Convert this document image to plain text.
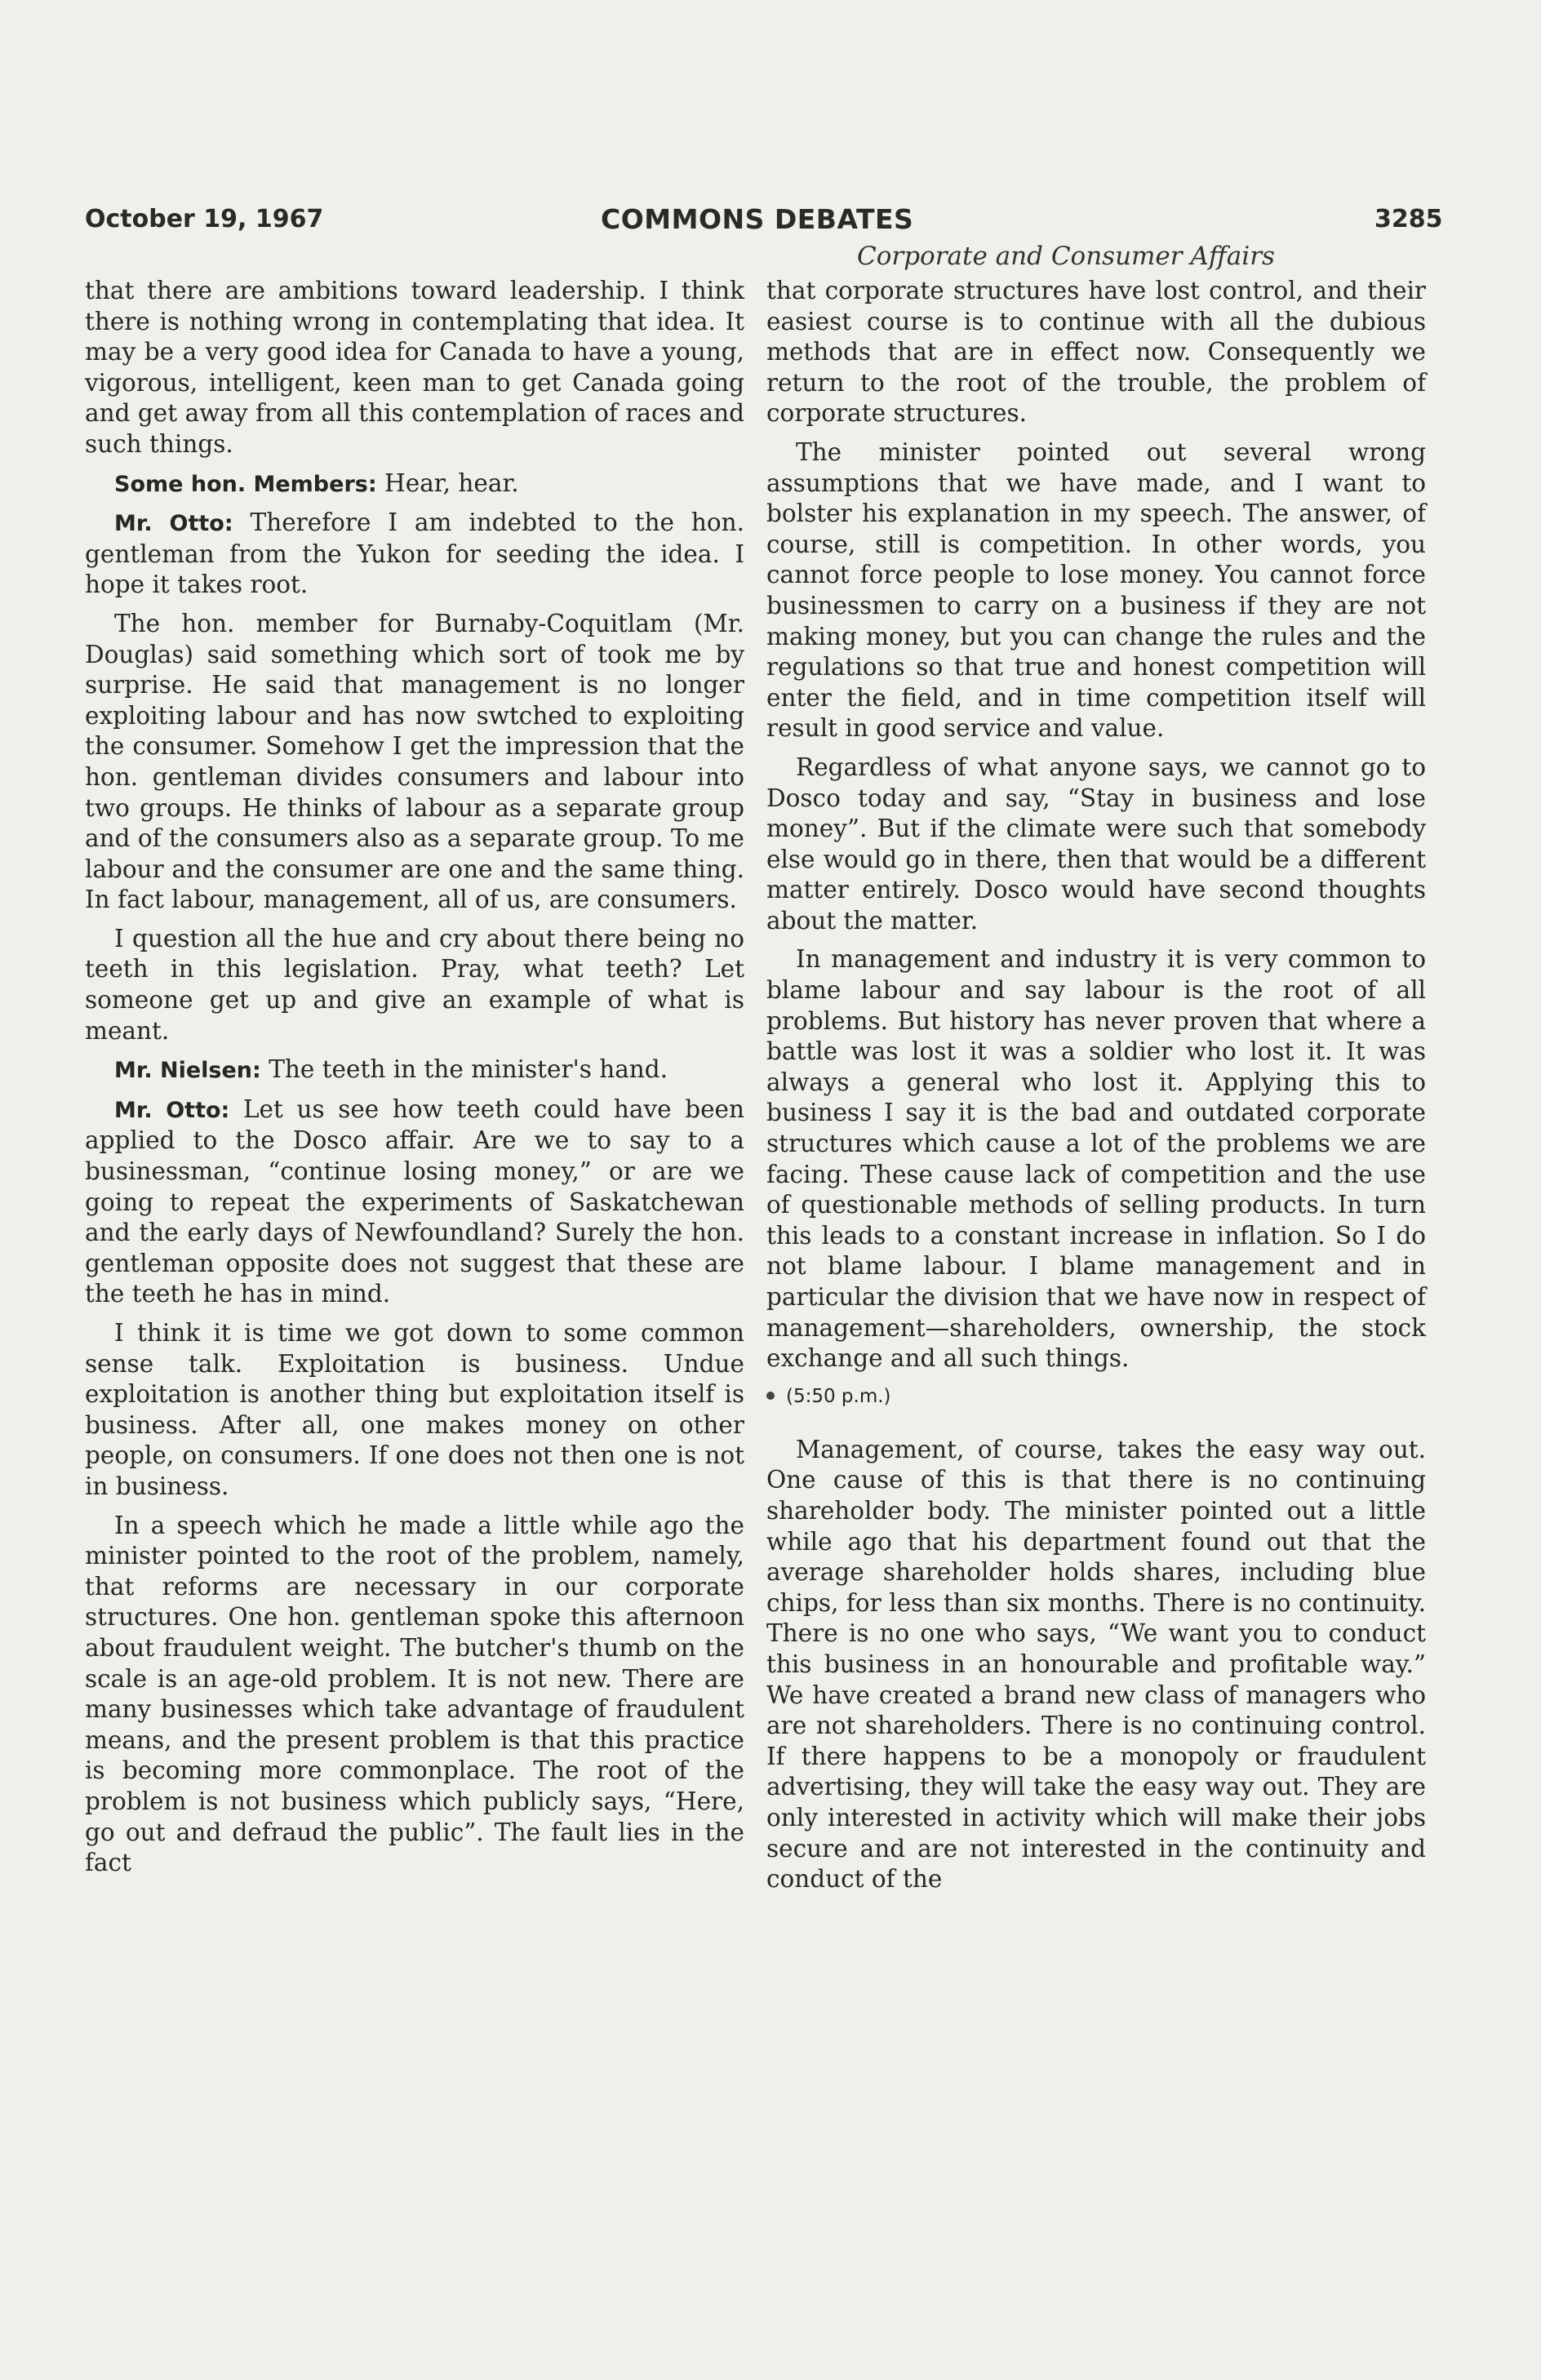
October 19, 1967	COMMONS DEBATES	3285
Corporate and Consumer Affairs

that there are ambitions toward leadership. I think there is nothing wrong in contemplating that idea. It may be a very good idea for Canada to have a young, vigorous, intelligent, keen man to get Canada going and get away from all this contemplation of races and such things.

Some hon. Members: Hear, hear.

Mr. Otto: Therefore I am indebted to the hon. gentleman from the Yukon for seeding the idea. I hope it takes root.

The hon. member for Burnaby-Coquitlam (Mr. Douglas) said something which sort of took me by surprise. He said that management is no longer exploiting labour and has now swtched to exploiting the consumer. Somehow I get the impression that the hon. gentleman divides consumers and labour into two groups. He thinks of labour as a separate group and of the consumers also as a separate group. To me labour and the consumer are one and the same thing. In fact labour, management, all of us, are consumers.

I question all the hue and cry about there being no teeth in this legislation. Pray, what teeth? Let someone get up and give an example of what is meant.

Mr. Nielsen: The teeth in the minister's hand.

Mr. Otto: Let us see how teeth could have been applied to the Dosco affair. Are we to say to a businessman, “continue losing money,” or are we going to repeat the experiments of Saskatchewan and the early days of Newfoundland? Surely the hon. gentleman opposite does not suggest that these are the teeth he has in mind.

I think it is time we got down to some common sense talk. Exploitation is business. Undue exploitation is another thing but exploitation itself is business. After all, one makes money on other people, on consumers. If one does not then one is not in business.

In a speech which he made a little while ago the minister pointed to the root of the problem, namely, that reforms are necessary in our corporate structures. One hon. gentleman spoke this afternoon about fraudulent weight. The butcher's thumb on the scale is an age-old problem. It is not new. There are many businesses which take advantage of fraudulent means, and the present problem is that this practice is becoming more commonplace. The root of the problem is not business which publicly says, “Here, go out and defraud the public”. The fault lies in the fact

that corporate structures have lost control, and their easiest course is to continue with all the dubious methods that are in effect now. Consequently we return to the root of the trouble, the problem of corporate structures.

The minister pointed out several wrong assumptions that we have made, and I want to bolster his explanation in my speech. The answer, of course, still is competition. In other words, you cannot force people to lose money. You cannot force businessmen to carry on a business if they are not making money, but you can change the rules and the regulations so that true and honest competition will enter the field, and in time competition itself will result in good service and value.

Regardless of what anyone says, we cannot go to Dosco today and say, “Stay in business and lose money”. But if the climate were such that somebody else would go in there, then that would be a different matter entirely. Dosco would have second thoughts about the matter.

In management and industry it is very common to blame labour and say labour is the root of all problems. But history has never proven that where a battle was lost it was a soldier who lost it. It was always a general who lost it. Applying this to business I say it is the bad and outdated corporate structures which cause a lot of the problems we are facing. These cause lack of competition and the use of questionable methods of selling products. In turn this leads to a constant increase in inflation. So I do not blame labour. I blame management and in particular the division that we have now in respect of management—shareholders, ownership, the stock exchange and all such things.

(5:50 p.m.)

Management, of course, takes the easy way out. One cause of this is that there is no continuing shareholder body. The minister pointed out a little while ago that his department found out that the average shareholder holds shares, including blue chips, for less than six months. There is no continuity. There is no one who says, “We want you to conduct this business in an honourable and profitable way.” We have created a brand new class of managers who are not shareholders. There is no continuing control. If there happens to be a monopoly or fraudulent advertising, they will take the easy way out. They are only interested in activity which will make their jobs secure and are not interested in the continuity and conduct of the
